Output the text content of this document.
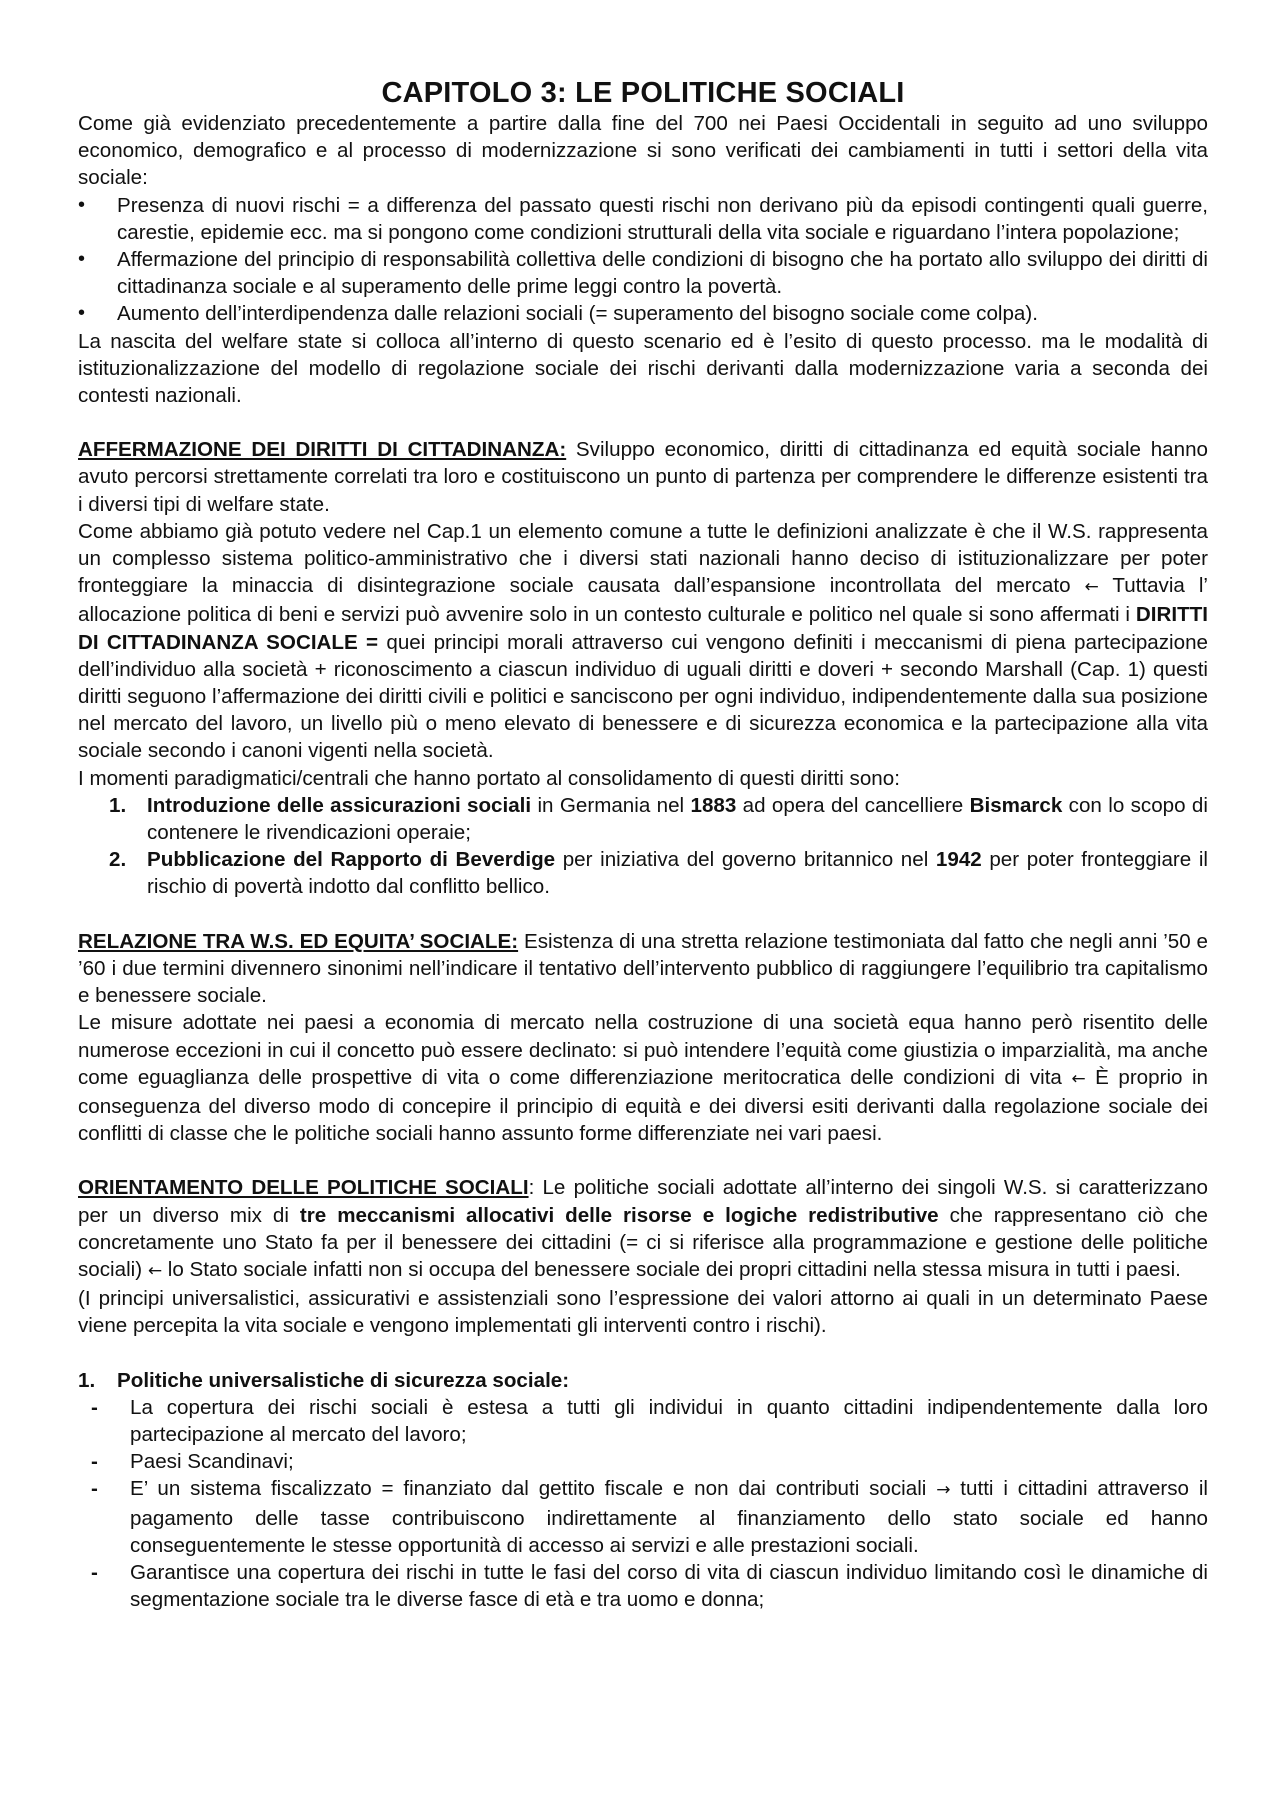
CAPITOLO 3: LE POLITICHE SOCIALI

Come già evidenziato precedentemente a partire dalla fine del 700 nei Paesi Occidentali in seguito ad uno sviluppo economico, demografico e al processo di modernizzazione si sono verificati dei cambiamenti in tutti i settori della vita sociale:

• Presenza di nuovi rischi = a differenza del passato questi rischi non derivano più da episodi contingenti quali guerre, carestie, epidemie ecc. ma si pongono come condizioni strutturali della vita sociale e riguardano l’intera popolazione;
• Affermazione del principio di responsabilità collettiva delle condizioni di bisogno che ha portato allo sviluppo dei diritti di cittadinanza sociale e al superamento delle prime leggi contro la povertà.
• Aumento dell’interdipendenza dalle relazioni sociali (= superamento del bisogno sociale come colpa).

La nascita del welfare state si colloca all’interno di questo scenario ed è l’esito di questo processo. ma le modalità di istituzionalizzazione del modello di regolazione sociale dei rischi derivanti dalla modernizzazione varia a seconda dei contesti nazionali.

AFFERMAZIONE DEI DIRITTI DI CITTADINANZA: Sviluppo economico, diritti di cittadinanza ed equità sociale hanno avuto percorsi strettamente correlati tra loro e costituiscono un punto di partenza per comprendere le differenze esistenti tra i diversi tipi di welfare state.

Come abbiamo già potuto vedere nel Cap.1 un elemento comune a tutte le definizioni analizzate è che il W.S. rappresenta un complesso sistema politico-amministrativo che i diversi stati nazionali hanno deciso di istituzionalizzare per poter fronteggiare la minaccia di disintegrazione sociale causata dall’espansione incontrollata del mercato ← Tuttavia l’ allocazione politica di beni e servizi può avvenire solo in un contesto culturale e politico nel quale si sono affermati i DIRITTI DI CITTADINANZA SOCIALE = quei principi morali attraverso cui vengono definiti i meccanismi di piena partecipazione dell’individuo alla società + riconoscimento a ciascun individuo di uguali diritti e doveri + secondo Marshall (Cap. 1) questi diritti seguono l’affermazione dei diritti civili e politici e sanciscono per ogni individuo, indipendentemente dalla sua posizione nel mercato del lavoro, un livello più o meno elevato di benessere e di sicurezza economica e la partecipazione alla vita sociale secondo i canoni vigenti nella società.

I momenti paradigmatici/centrali che hanno portato al consolidamento di questi diritti sono:

1. Introduzione delle assicurazioni sociali in Germania nel 1883 ad opera del cancelliere Bismarck con lo scopo di contenere le rivendicazioni operaie;
2. Pubblicazione del Rapporto di Beverdige per iniziativa del governo britannico nel 1942 per poter fronteggiare il rischio di povertà indotto dal conflitto bellico.

RELAZIONE TRA W.S. ED EQUITA’ SOCIALE: Esistenza di una stretta relazione testimoniata dal fatto che negli anni ’50 e ’60 i due termini divennero sinonimi nell’indicare il tentativo dell’intervento pubblico di raggiungere l’equilibrio tra capitalismo e benessere sociale.

Le misure adottate nei paesi a economia di mercato nella costruzione di una società equa hanno però risentito delle numerose eccezioni in cui il concetto può essere declinato: si può intendere l’equità come giustizia o imparzialità, ma anche come eguaglianza delle prospettive di vita o come differenziazione meritocratica delle condizioni di vita ← È proprio in conseguenza del diverso modo di concepire il principio di equità e dei diversi esiti derivanti dalla regolazione sociale dei conflitti di classe che le politiche sociali hanno assunto forme differenziate nei vari paesi.

ORIENTAMENTO DELLE POLITICHE SOCIALI: Le politiche sociali adottate all’interno dei singoli W.S. si caratterizzano per un diverso mix di tre meccanismi allocativi delle risorse e logiche redistributive che rappresentano ciò che concretamente uno Stato fa per il benessere dei cittadini (= ci si riferisce alla programmazione e gestione delle politiche sociali) ← lo Stato sociale infatti non si occupa del benessere sociale dei propri cittadini nella stessa misura in tutti i paesi.

(I principi universalistici, assicurativi e assistenziali sono l’espressione dei valori attorno ai quali in un determinato Paese viene percepita la vita sociale e vengono implementati gli interventi contro i rischi).

1. Politiche universalistiche di sicurezza sociale:

- La copertura dei rischi sociali è estesa a tutti gli individui in quanto cittadini indipendentemente dalla loro partecipazione al mercato del lavoro;
- Paesi Scandinavi;
- E’ un sistema fiscalizzato = finanziato dal gettito fiscale e non dai contributi sociali → tutti i cittadini attraverso il pagamento delle tasse contribuiscono indirettamente al finanziamento dello stato sociale ed hanno conseguentemente le stesse opportunità di accesso ai servizi e alle prestazioni sociali.
- Garantisce una copertura dei rischi in tutte le fasi del corso di vita di ciascun individuo limitando così le dinamiche di segmentazione sociale tra le diverse fasce di età e tra uomo e donna;
